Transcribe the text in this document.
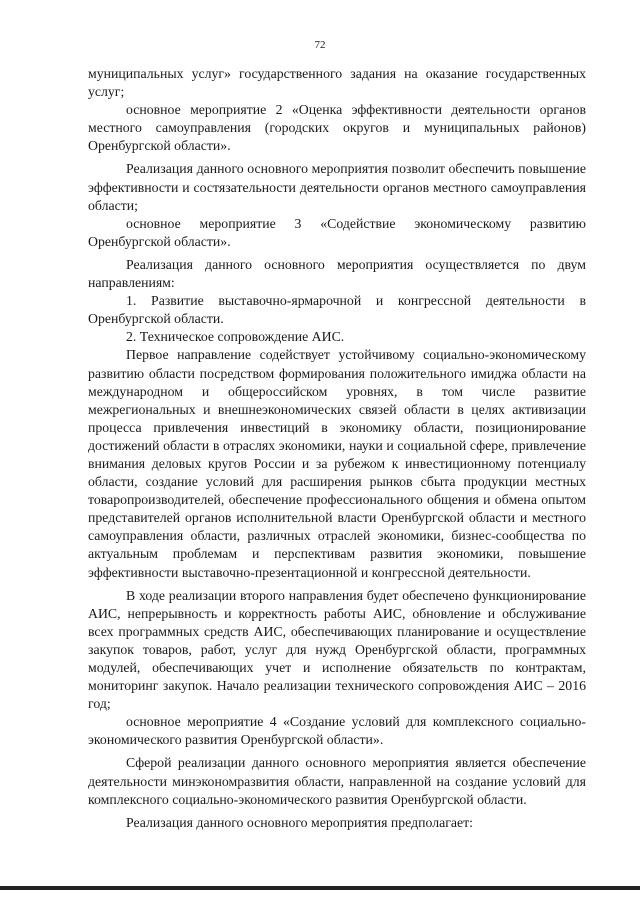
72

муниципальных услуг» государственного задания на оказание государственных услуг;

основное мероприятие 2 «Оценка эффективности деятельности органов местного самоуправления (городских округов и муниципальных районов) Оренбургской области».

Реализация данного основного мероприятия позволит обеспечить повышение эффективности и состязательности деятельности органов местного самоуправления области;

основное мероприятие 3 «Содействие экономическому развитию Оренбургской области».

Реализация данного основного мероприятия осуществляется по двум направлениям:

1. Развитие выставочно-ярмарочной и конгрессной деятельности в Оренбургской области.

2. Техническое сопровождение АИС.

Первое направление содействует устойчивому социально-экономическому развитию области посредством формирования положительного имиджа области на международном и общероссийском уровнях, в том числе развитие межрегиональных и внешнеэкономических связей области в целях активизации процесса привлечения инвестиций в экономику области, позиционирование достижений области в отраслях экономики, науки и социальной сфере, привлечение внимания деловых кругов России и за рубежом к инвестиционному потенциалу области, создание условий для расширения рынков сбыта продукции местных товаропроизводителей, обеспечение профессионального общения и обмена опытом представителей органов исполнительной власти Оренбургской области и местного самоуправления области, различных отраслей экономики, бизнес-сообщества по актуальным проблемам и перспективам развития экономики, повышение эффективности выставочно-презентационной и конгрессной деятельности.

В ходе реализации второго направления будет обеспечено функционирование АИС, непрерывность и корректность работы АИС, обновление и обслуживание всех программных средств АИС, обеспечивающих планирование и осуществление закупок товаров, работ, услуг для нужд Оренбургской области, программных модулей, обеспечивающих учет и исполнение обязательств по контрактам, мониторинг закупок. Начало реализации технического сопровождения АИС – 2016 год;

основное мероприятие 4 «Создание условий для комплексного социально-экономического развития Оренбургской области».

Сферой реализации данного основного мероприятия является обеспечение деятельности минэкономразвития области, направленной на создание условий для комплексного социально-экономического развития Оренбургской области.

Реализация данного основного мероприятия предполагает:
